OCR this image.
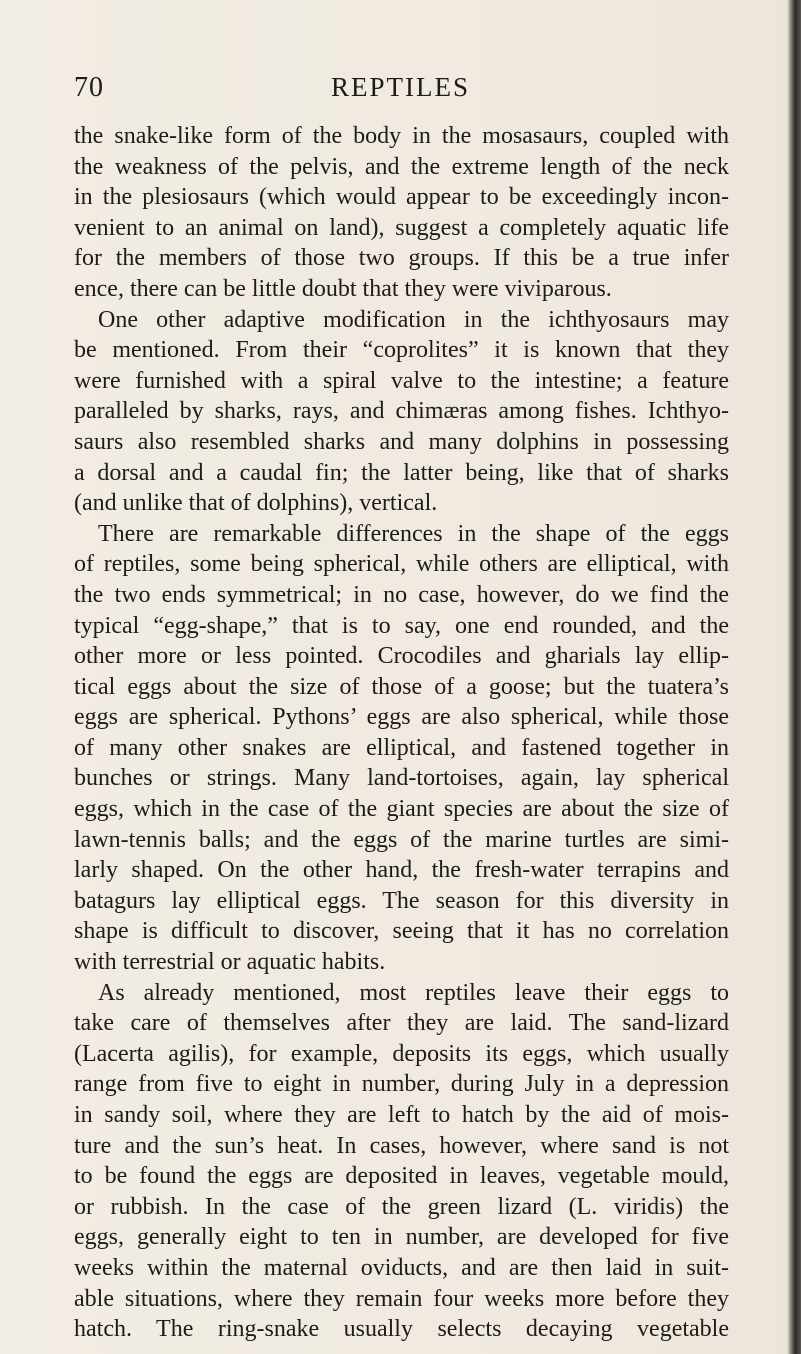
70	REPTILES
the snake-like form of the body in the mosasaurs, coupled with
the weakness of the pelvis, and the extreme length of the neck
in the plesiosaurs (which would appear to be exceedingly incon-
venient to an animal on land), suggest a completely aquatic life
for the members of those two groups. If this be a true infer
ence, there can be little doubt that they were viviparous.
One other adaptive modification in the ichthyosaurs may
be mentioned. From their “coprolites” it is known that they
were furnished with a spiral valve to the intestine; a feature
paralleled by sharks, rays, and chimæras among fishes. Ichthyo-
saurs also resembled sharks and many dolphins in possessing
a dorsal and a caudal fin; the latter being, like that of sharks
(and unlike that of dolphins), vertical.
There are remarkable differences in the shape of the eggs
of reptiles, some being spherical, while others are elliptical, with
the two ends symmetrical; in no case, however, do we find the
typical “egg-shape,” that is to say, one end rounded, and the
other more or less pointed. Crocodiles and gharials lay ellip-
tical eggs about the size of those of a goose; but the tuatera’s
eggs are spherical. Pythons’ eggs are also spherical, while those
of many other snakes are elliptical, and fastened together in
bunches or strings. Many land-tortoises, again, lay spherical
eggs, which in the case of the giant species are about the size of
lawn-tennis balls; and the eggs of the marine turtles are simi-
larly shaped. On the other hand, the fresh-water terrapins and
batagurs lay elliptical eggs. The season for this diversity in
shape is difficult to discover, seeing that it has no correlation
with terrestrial or aquatic habits.
As already mentioned, most reptiles leave their eggs to
take care of themselves after they are laid. The sand-lizard
(Lacerta agilis), for example, deposits its eggs, which usually
range from five to eight in number, during July in a depression
in sandy soil, where they are left to hatch by the aid of mois-
ture and the sun’s heat. In cases, however, where sand is not
to be found the eggs are deposited in leaves, vegetable mould,
or rubbish. In the case of the green lizard (L. viridis) the
eggs, generally eight to ten in number, are developed for five
weeks within the maternal oviducts, and are then laid in suit-
able situations, where they remain four weeks more before they
hatch. The ring-snake usually selects decaying vegetable
